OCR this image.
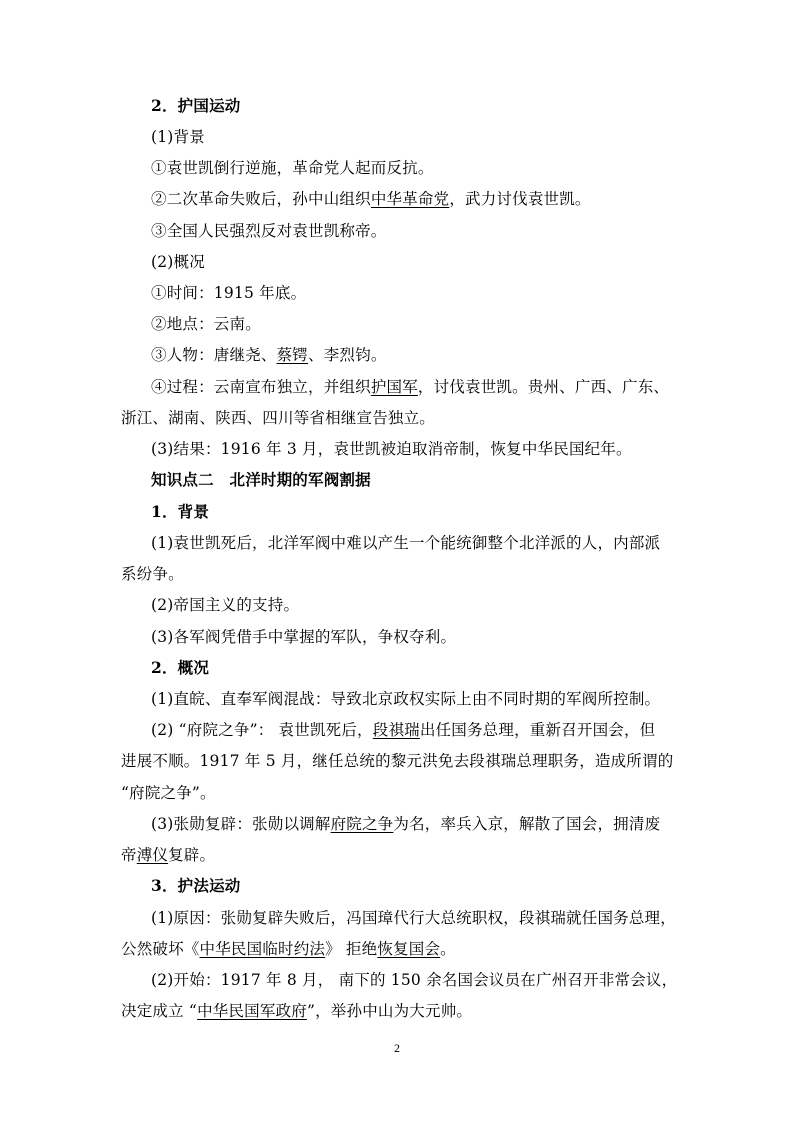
2．护国运动
(1)背景
①袁世凯倒行逆施，革命党人起而反抗。
②二次革命失败后，孙中山组织中华革命党，武力讨伐袁世凯。
③全国人民强烈反对袁世凯称帝。
(2)概况
①时间：1915 年底。
②地点：云南。
③人物：唐继尧、蔡锷、李烈钧。
④过程：云南宣布独立，并组织护国军，讨伐袁世凯。贵州、广西、广东、
浙江、湖南、陕西、四川等省相继宣告独立。
(3)结果：1916 年 3 月，袁世凯被迫取消帝制，恢复中华民国纪年。
知识点二　北洋时期的军阀割据
1．背景
(1)袁世凯死后，北洋军阀中难以产生一个能统御整个北洋派的人，内部派
系纷争。
(2)帝国主义的支持。
(3)各军阀凭借手中掌握的军队，争权夺利。
2．概况
(1)直皖、直奉军阀混战：导致北京政权实际上由不同时期的军阀所控制。
(2) “府院之争”： 袁世凯死后，段祺瑞出任国务总理，重新召开国会，但
进展不顺。1917 年 5 月，继任总统的黎元洪免去段祺瑞总理职务，造成所谓的
“府院之争”。
(3)张勋复辟：张勋以调解府院之争为名，率兵入京，解散了国会，拥清废
帝溥仪复辟。
3．护法运动
(1)原因：张勋复辟失败后，冯国璋代行大总统职权，段祺瑞就任国务总理，
公然破坏《中华民国临时约法》 拒绝恢复国会。
(2)开始：1917 年 8 月， 南下的 150 余名国会议员在广州召开非常会议，
决定成立 “中华民国军政府”，举孙中山为大元帅。
2
